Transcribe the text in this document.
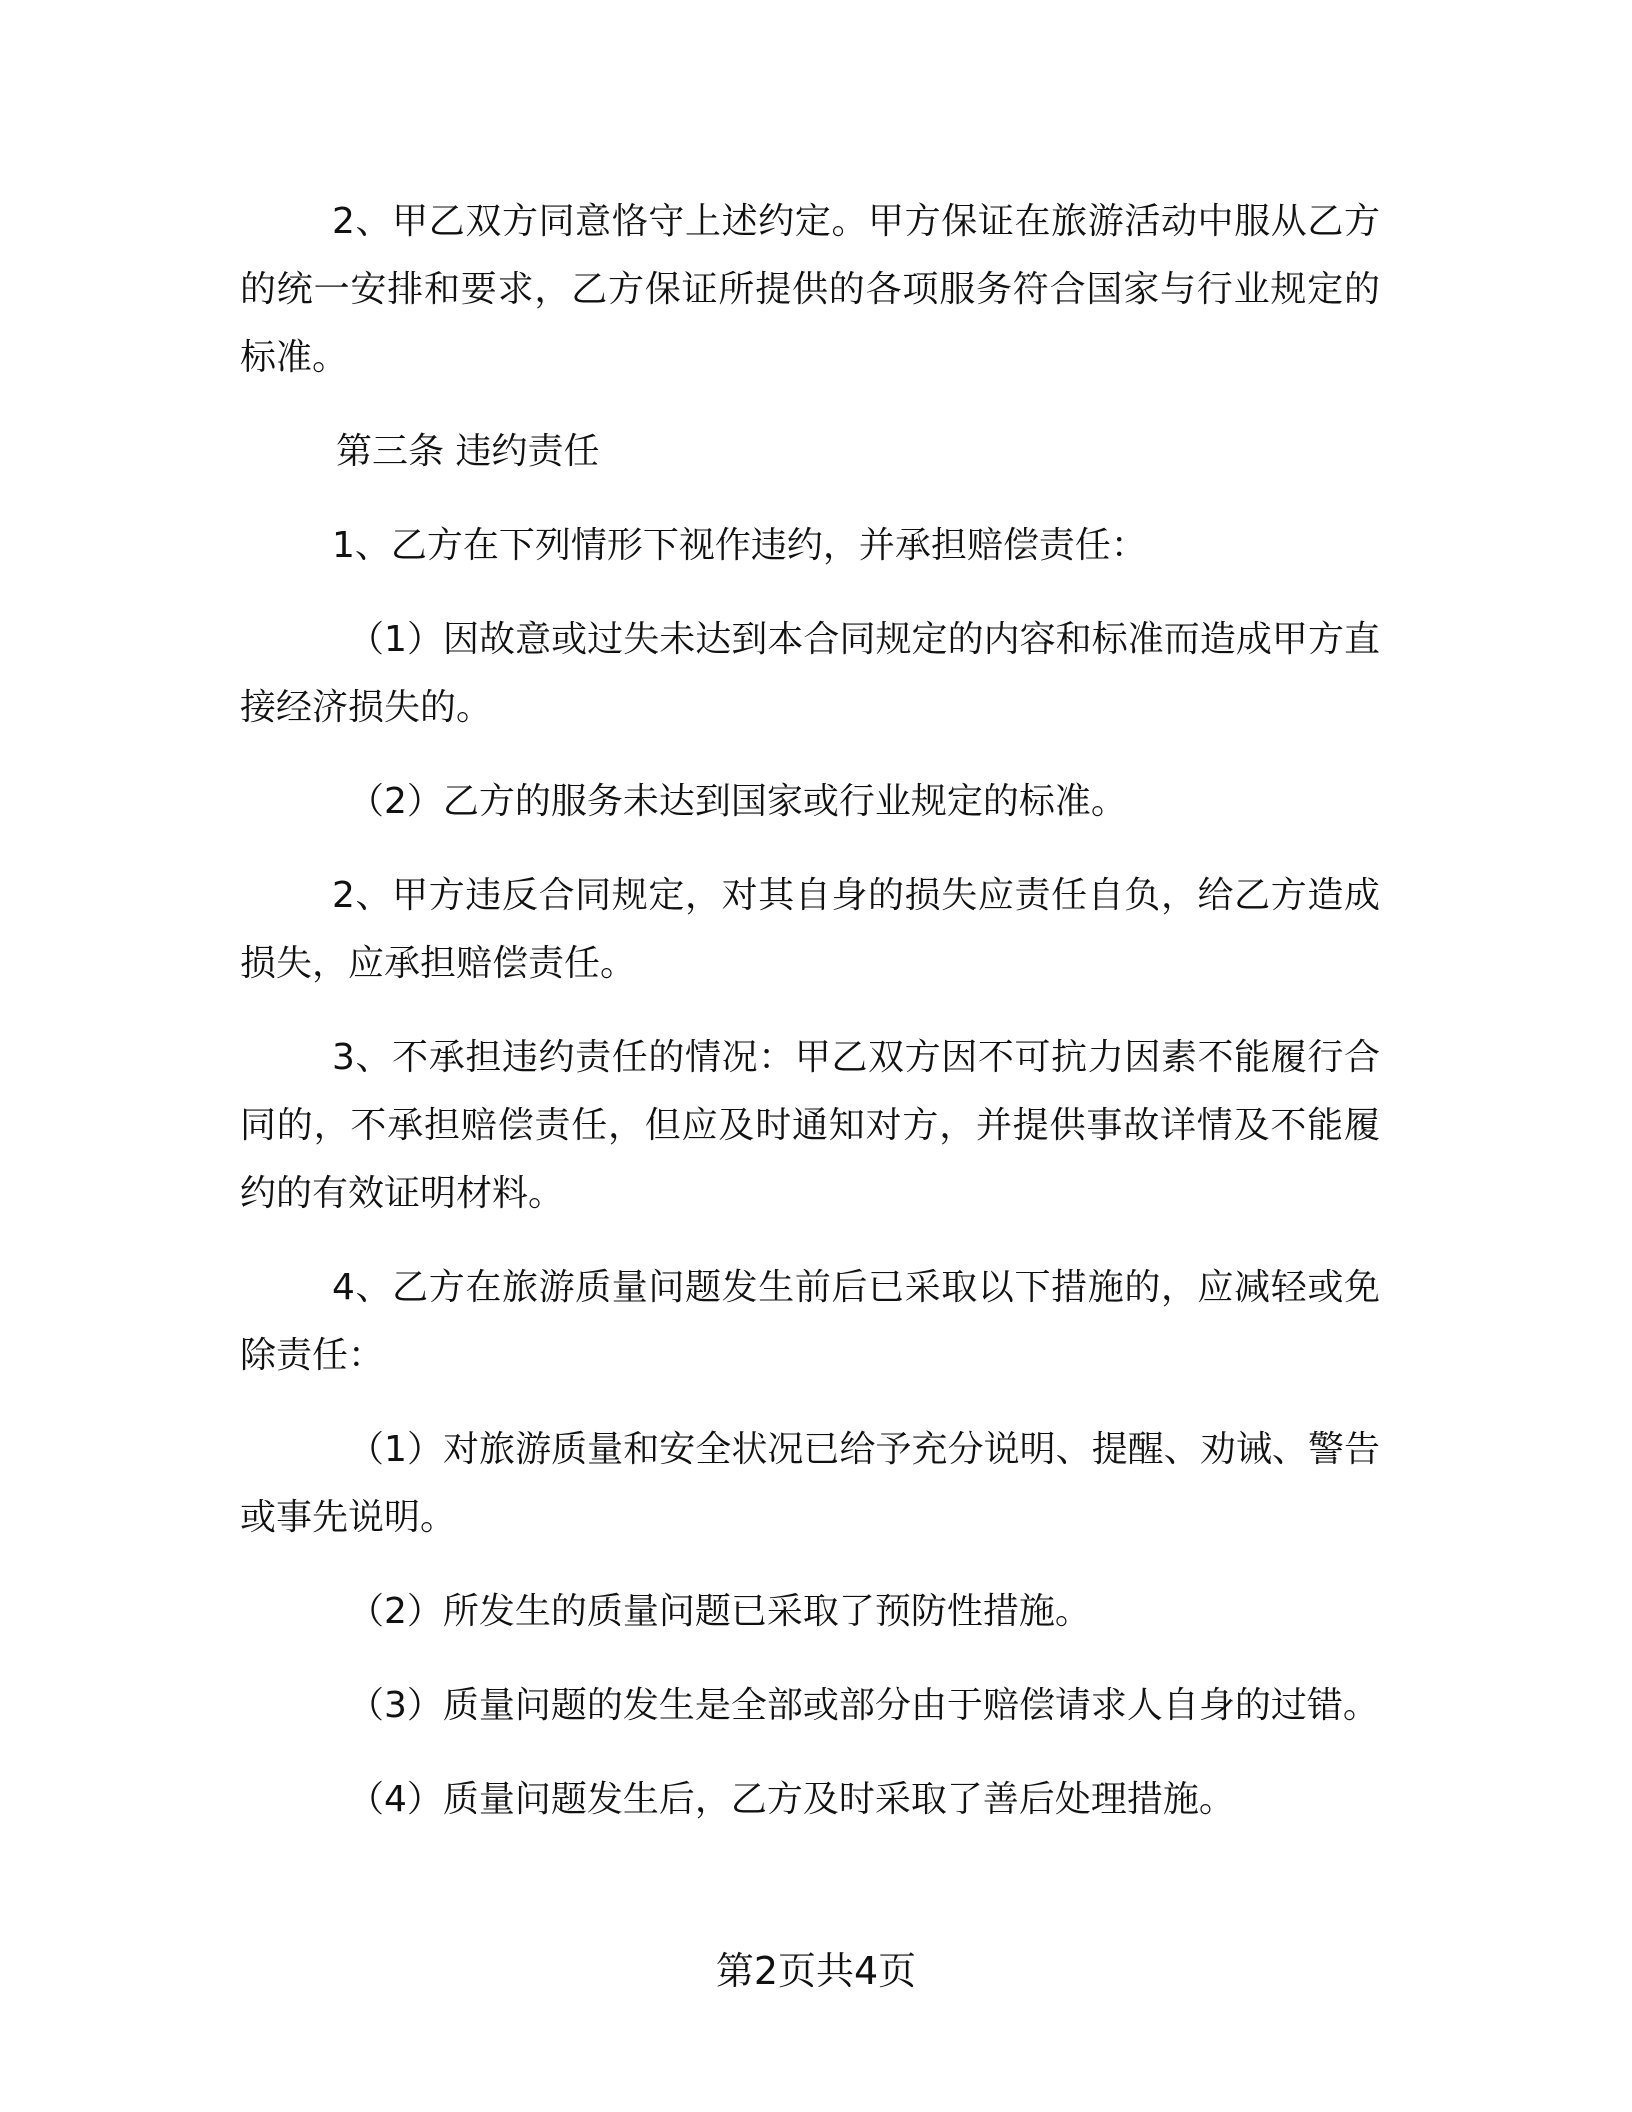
2、甲乙双方同意恪守上述约定。甲方保证在旅游活动中服从乙方的统一安排和要求，乙方保证所提供的各项服务符合国家与行业规定的标准。

第三条 违约责任

1、乙方在下列情形下视作违约，并承担赔偿责任：

（1）因故意或过失未达到本合同规定的内容和标准而造成甲方直接经济损失的。

（2）乙方的服务未达到国家或行业规定的标准。

2、甲方违反合同规定，对其自身的损失应责任自负，给乙方造成损失，应承担赔偿责任。

3、不承担违约责任的情况：甲乙双方因不可抗力因素不能履行合同的，不承担赔偿责任，但应及时通知对方，并提供事故详情及不能履约的有效证明材料。

4、乙方在旅游质量问题发生前后已采取以下措施的，应减轻或免除责任：

（1）对旅游质量和安全状况已给予充分说明、提醒、劝诫、警告或事先说明。

（2）所发生的质量问题已采取了预防性措施。

（3）质量问题的发生是全部或部分由于赔偿请求人自身的过错。

（4）质量问题发生后，乙方及时采取了善后处理措施。

第2页共4页
